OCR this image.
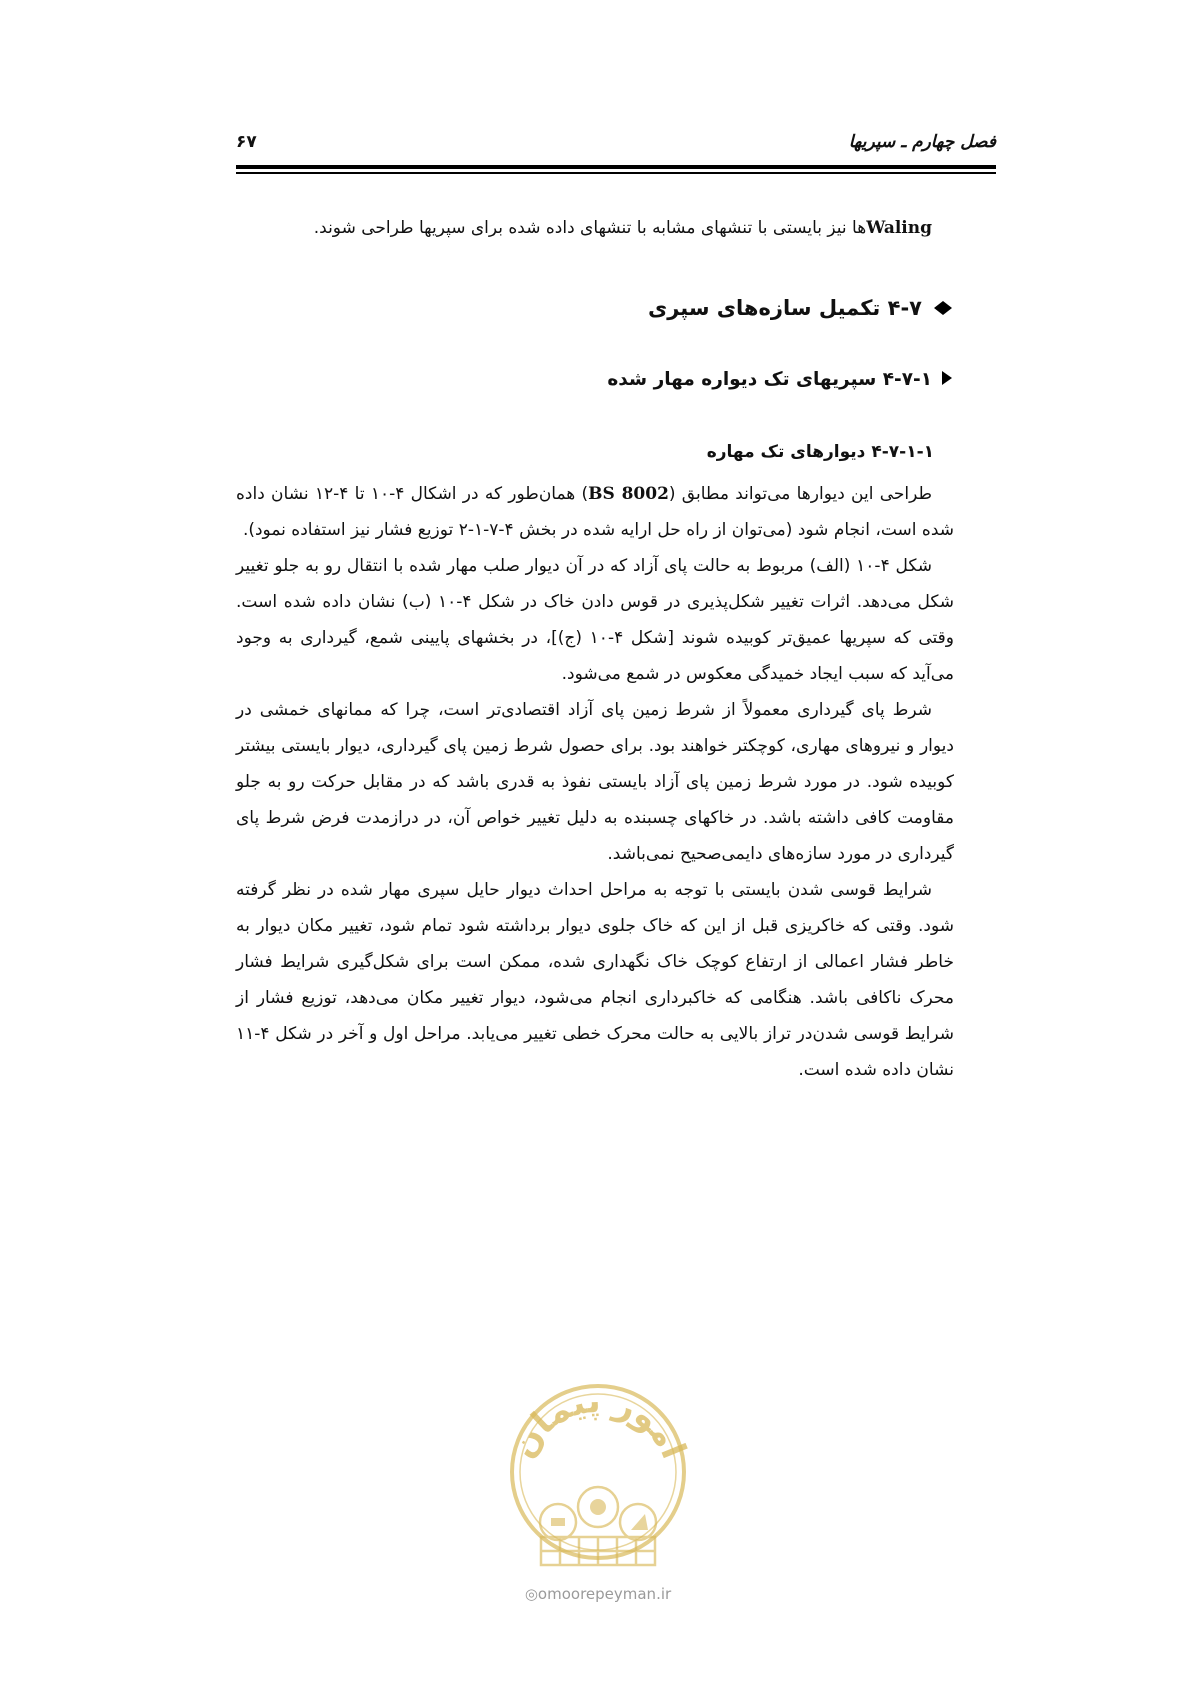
فصل چهارم ـ سپریها
۶۷

Walingها نیز بایستی با تنشهای مشابه با تنشهای داده شده برای سپریها طراحی شوند.

۴-۷ تکمیل سازه‌های سپری
۴-۷-۱ سپریهای تک دیواره مهار شده
۴-۷-۱-۱ دیوارهای تک مهاره

طراحی این دیوارها می‌تواند مطابق (BS 8002) همان‌طور که در اشکال ۴-۱۰ تا ۴-۱۲ نشان داده شده است، انجام شود (می‌توان از راه حل ارایه شده در بخش ۴-۷-۱-۲ توزیع فشار نیز استفاده نمود).

شکل ۴-۱۰ (الف) مربوط به حالت پای آزاد که در آن دیوار صلب مهار شده با انتقال رو به جلو تغییر شکل می‌دهد. اثرات تغییر شکل‌پذیری در قوس دادن خاک در شکل ۴-۱۰ (ب) نشان داده شده است. وقتی که سپریها عمیق‌تر کوبیده شوند [شکل ۴-۱۰ (ج)]، در بخشهای پایینی شمع، گیرداری به وجود می‌آید که سبب ایجاد خمیدگی معکوس در شمع می‌شود.

شرط پای گیرداری معمولاً از شرط زمین پای آزاد اقتصادی‌تر است، چرا که ممانهای خمشی در دیوار و نیروهای مهاری، کوچکتر خواهند بود. برای حصول شرط زمین پای گیرداری، دیوار بایستی بیشتر کوبیده شود. در مورد شرط زمین پای آزاد بایستی نفوذ به قدری باشد که در مقابل حرکت رو به جلو مقاومت کافی داشته باشد. در خاکهای چسبنده به دلیل تغییر خواص آن، در درازمدت فرض شرط پای گیرداری در مورد سازه‌های دایمی‌صحیح نمی‌باشد.

شرایط قوسی شدن بایستی با توجه به مراحل احداث دیوار حایل سپری مهار شده در نظر گرفته شود. وقتی که خاکریزی قبل از این که خاک جلوی دیوار برداشته شود تمام شود، تغییر مکان دیوار به خاطر فشار اعمالی از ارتفاع کوچک خاک نگهداری شده، ممکن است برای شکل‌گیری شرایط فشار محرک ناکافی باشد. هنگامی که خاکبرداری انجام می‌شود، دیوار تغییر مکان می‌دهد، توزیع فشار از شرایط قوسی شدن‌در تراز بالایی به حالت محرک خطی تغییر می‌یابد. مراحل اول و آخر در شکل ۴-۱۱ نشان داده شده است.

امور پیمان
◎omoorepeyman.ir
